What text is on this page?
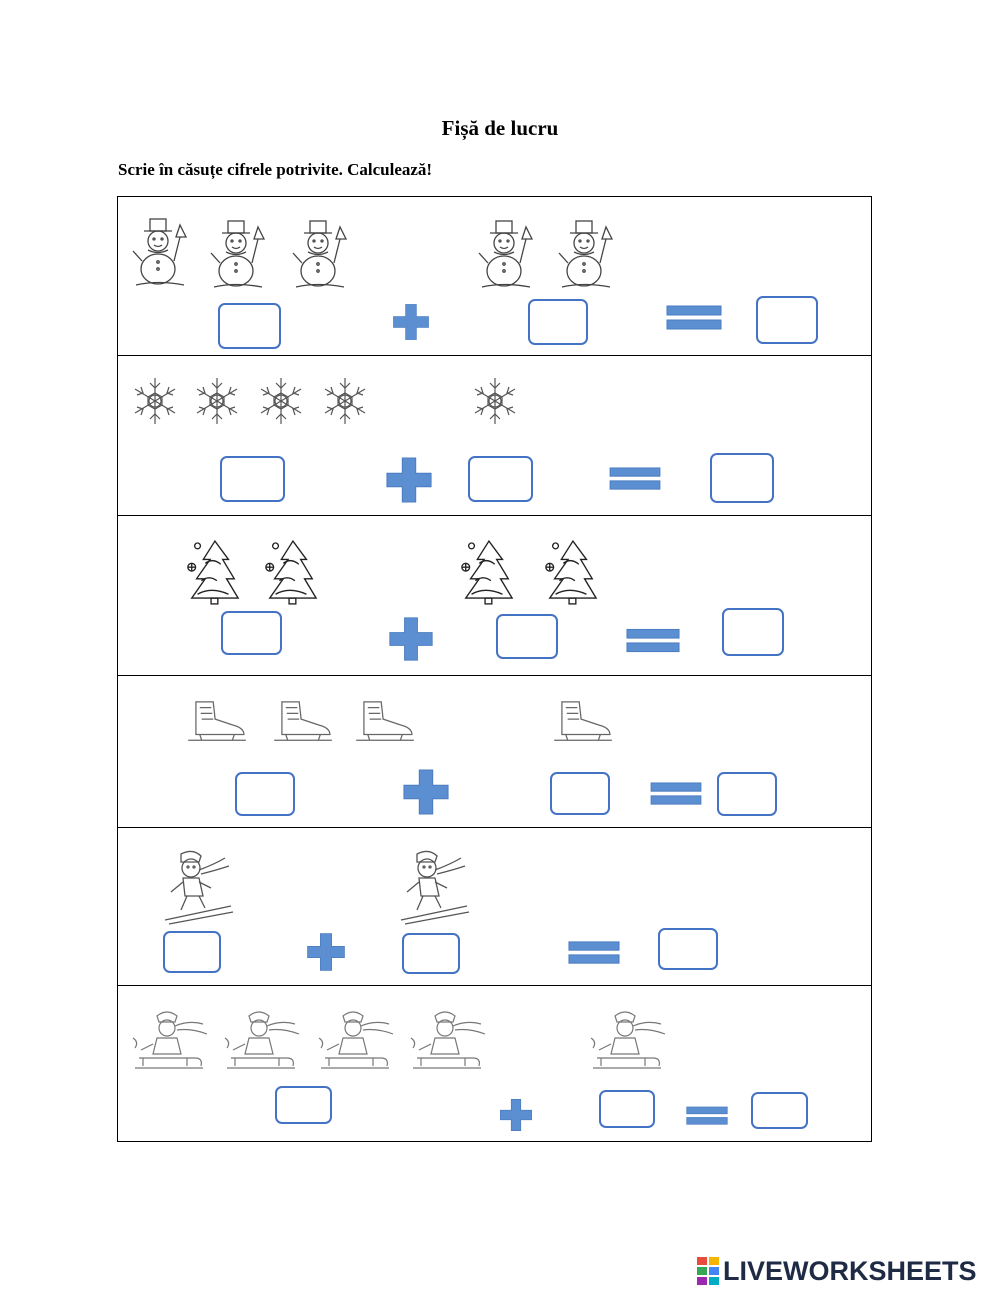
Fișă de lucru
Scrie în căsuțe cifrele potrivite. Calculează!
LIVEWORKSHEETS
